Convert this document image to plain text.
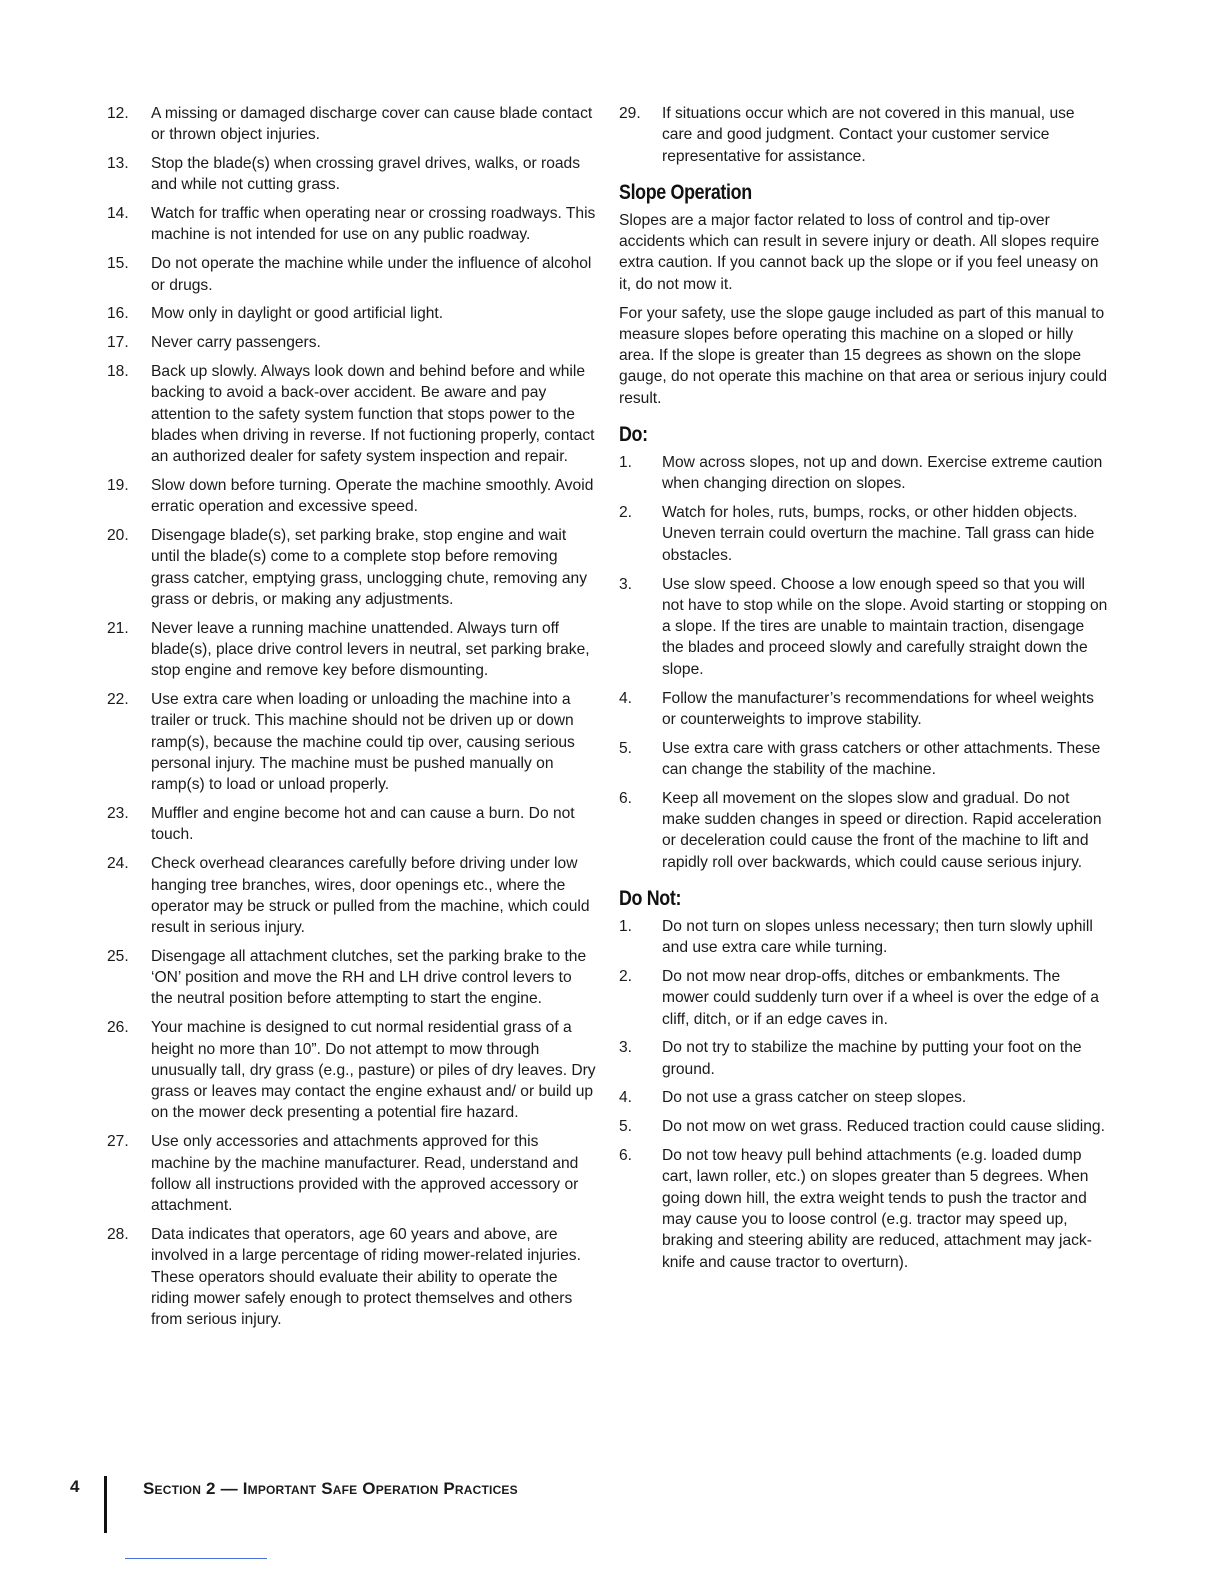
12.	A missing or damaged discharge cover can cause blade contact or thrown object injuries.
13.	Stop the blade(s) when crossing gravel drives, walks, or roads and while not cutting grass.
14.	Watch for traffic when operating near or crossing roadways. This machine is not intended for use on any public roadway.
15.	Do not operate the machine while under the influence of alcohol or drugs.
16.	Mow only in daylight or good artificial light.
17.	Never carry passengers.
18.	Back up slowly. Always look down and behind before and while backing to avoid a back-over accident. Be aware and pay attention to the safety system function that stops power to the blades when driving in reverse. If not fuctioning properly, contact an authorized dealer for safety system inspection and repair.
19.	Slow down before turning. Operate the machine smoothly. Avoid erratic operation and excessive speed.
20.	Disengage blade(s), set parking brake, stop engine and wait until the blade(s) come to a complete stop before removing grass catcher, emptying grass, unclogging chute, removing any grass or debris, or making any adjustments.
21.	Never leave a running machine unattended. Always turn off blade(s), place drive control levers in neutral, set parking brake, stop engine and remove key before dismounting.
22.	Use extra care when loading or unloading the machine into a trailer or truck. This machine should not be driven up or down ramp(s), because the machine could tip over, causing serious personal injury. The machine must be pushed manually on ramp(s) to load or unload properly.
23.	Muffler and engine become hot and can cause a burn. Do not touch.
24.	Check overhead clearances carefully before driving under low hanging tree branches, wires, door openings etc., where the operator may be struck or pulled from the machine, which could result in serious injury.
25.	Disengage all attachment clutches, set the parking brake to the ‘ON’ position and move the RH and LH drive control levers to the neutral position before attempting to start the engine.
26.	Your machine is designed to cut normal residential grass of a height no more than 10”. Do not attempt to mow through unusually tall, dry grass (e.g., pasture) or piles of dry leaves. Dry grass or leaves may contact the engine exhaust and/ or build up on the mower deck presenting a potential fire hazard.
27.	Use only accessories and attachments approved for this machine by the machine manufacturer. Read, understand and follow all instructions provided with the approved accessory or attachment.
28.	Data indicates that operators, age 60 years and above, are involved in a large percentage of riding mower-related injuries. These operators should evaluate their ability to operate the riding mower safely enough to protect themselves and others from serious injury.
29.	If situations occur which are not covered in this manual, use care and good judgment. Contact your customer service representative for assistance.
Slope Operation

Slopes are a major factor related to loss of control and tip-over accidents which can result in severe injury or death. All slopes require extra caution. If you cannot back up the slope or if you feel uneasy on it, do not mow it.

For your safety, use the slope gauge included as part of this manual to measure slopes before operating this machine on a sloped or hilly area. If the slope is greater than 15 degrees as shown on the slope gauge, do not operate this machine on that area or serious injury could result.

Do:
1.	Mow across slopes, not up and down. Exercise extreme caution when changing direction on slopes.
2.	Watch for holes, ruts, bumps, rocks, or other hidden objects. Uneven terrain could overturn the machine. Tall grass can hide obstacles.
3.	Use slow speed. Choose a low enough speed so that you will not have to stop while on the slope. Avoid starting or stopping on a slope. If the tires are unable to maintain traction, disengage the blades and proceed slowly and carefully straight down the slope.
4.	Follow the manufacturer’s recommendations for wheel weights or counterweights to improve stability.
5.	Use extra care with grass catchers or other attachments. These can change the stability of the machine.
6.	Keep all movement on the slopes slow and gradual. Do not make sudden changes in speed or direction. Rapid acceleration or deceleration could cause the front of the machine to lift and rapidly roll over backwards, which could cause serious injury.
Do Not:
1.	Do not turn on slopes unless necessary; then turn slowly uphill and use extra care while turning.
2.	Do not mow near drop-offs, ditches or embankments. The mower could suddenly turn over if a wheel is over the edge of a cliff, ditch, or if an edge caves in.
3.	Do not try to stabilize the machine by putting your foot on the ground.
4.	Do not use a grass catcher on steep slopes.
5.	Do not mow on wet grass. Reduced traction could cause sliding.
6.	Do not tow heavy pull behind attachments (e.g. loaded dump cart, lawn roller, etc.) on slopes greater than 5 degrees. When going down hill, the extra weight tends to push the tractor and may cause you to loose control (e.g. tractor may speed up, braking and steering ability are reduced, attachment may jack-knife and cause tractor to overturn).
4	Section 2 — Important Safe Operation Practices
